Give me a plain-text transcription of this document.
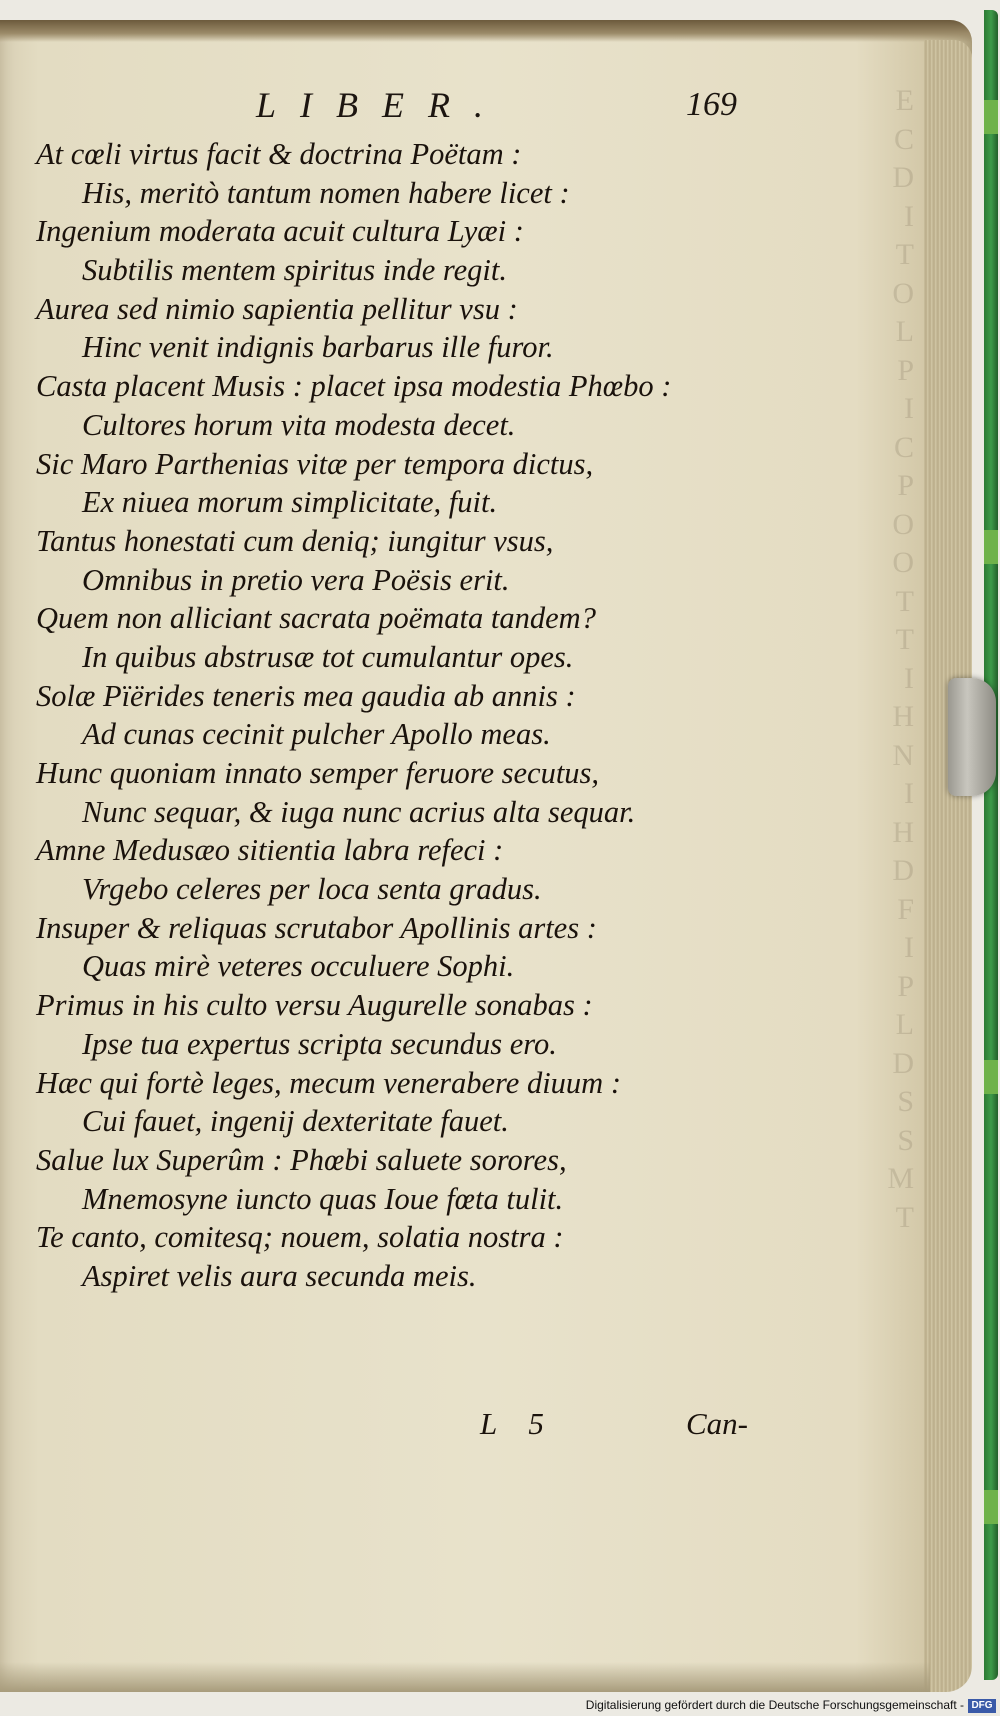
E
C
D
I
T
O
L
P
I
C
P
O
O
T
T
I
H
N
I
H
D
F
I
P
L
D
S
S
M
T
LIBER.	169
At cœli virtus facit & doctrina Poëtam :
His, meritò tantum nomen habere licet :
Ingenium moderata acuit cultura Lyæi :
Subtilis mentem spiritus inde regit.
Aurea sed nimio sapientia pellitur vsu :
Hinc venit indignis barbarus ille furor.
Casta placent Musis : placet ipsa modestia Phœbo :
Cultores horum vita modesta decet.
Sic Maro Parthenias vitæ per tempora dictus,
Ex niuea morum simplicitate, fuit.
Tantus honestati cum deniq; iungitur vsus,
Omnibus in pretio vera Poësis erit.
Quem non alliciant sacrata poëmata tandem?
In quibus abstrusæ tot cumulantur opes.
Solæ Pïërides teneris mea gaudia ab annis :
Ad cunas cecinit pulcher Apollo meas.
Hunc quoniam innato semper feruore secutus,
Nunc sequar, & iuga nunc acrius alta sequar.
Amne Medusæo sitientia labra refeci :
Vrgebo celeres per loca senta gradus.
Insuper & reliquas scrutabor Apollinis artes :
Quas mirè veteres occuluere Sophi.
Primus in his culto versu Augurelle sonabas :
Ipse tua expertus scripta secundus ero.
Hæc qui fortè leges, mecum venerabere diuum :
Cui fauet, ingenij dexteritate fauet.
Salue lux Superûm : Phœbi saluete sorores,
Mnemosyne iuncto quas Ioue fœta tulit.
Te canto, comitesq; nouem, solatia nostra :
Aspiret velis aura secunda meis.
L 5	Can-
Digitalisierung gefördert durch die Deutsche Forschungsgemeinschaft - DFG
